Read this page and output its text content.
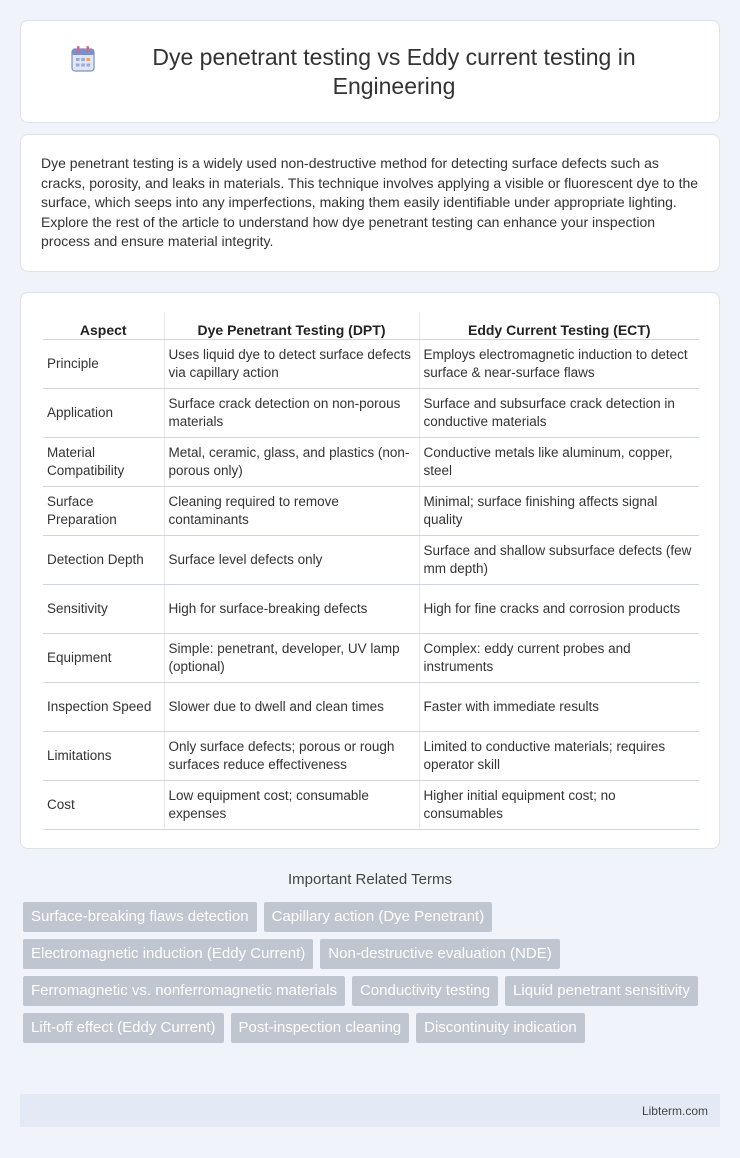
Dye penetrant testing vs Eddy current testing in Engineering

Dye penetrant testing is a widely used non-destructive method for detecting surface defects such as cracks, porosity, and leaks in materials. This technique involves applying a visible or fluorescent dye to the surface, which seeps into any imperfections, making them easily identifiable under appropriate lighting. Explore the rest of the article to understand how dye penetrant testing can enhance your inspection process and ensure material integrity.

Aspect	Dye Penetrant Testing (DPT)	Eddy Current Testing (ECT)
Principle	Uses liquid dye to detect surface defects via capillary action	Employs electromagnetic induction to detect surface & near-surface flaws
Application	Surface crack detection on non-porous materials	Surface and subsurface crack detection in conductive materials
Material Compatibility	Metal, ceramic, glass, and plastics (non-porous only)	Conductive metals like aluminum, copper, steel
Surface Preparation	Cleaning required to remove contaminants	Minimal; surface finishing affects signal quality
Detection Depth	Surface level defects only	Surface and shallow subsurface defects (few mm depth)
Sensitivity	High for surface-breaking defects	High for fine cracks and corrosion products
Equipment	Simple: penetrant, developer, UV lamp (optional)	Complex: eddy current probes and instruments
Inspection Speed	Slower due to dwell and clean times	Faster with immediate results
Limitations	Only surface defects; porous or rough surfaces reduce effectiveness	Limited to conductive materials; requires operator skill
Cost	Low equipment cost; consumable expenses	Higher initial equipment cost; no consumables
Important Related Terms
Surface-breaking flaws detection	Capillary action (Dye Penetrant)
Electromagnetic induction (Eddy Current)	Non-destructive evaluation (NDE)
Ferromagnetic vs. nonferromagnetic materials	Conductivity testing	Liquid penetrant sensitivity
Lift-off effect (Eddy Current)	Post-inspection cleaning	Discontinuity indication
Libterm.com
